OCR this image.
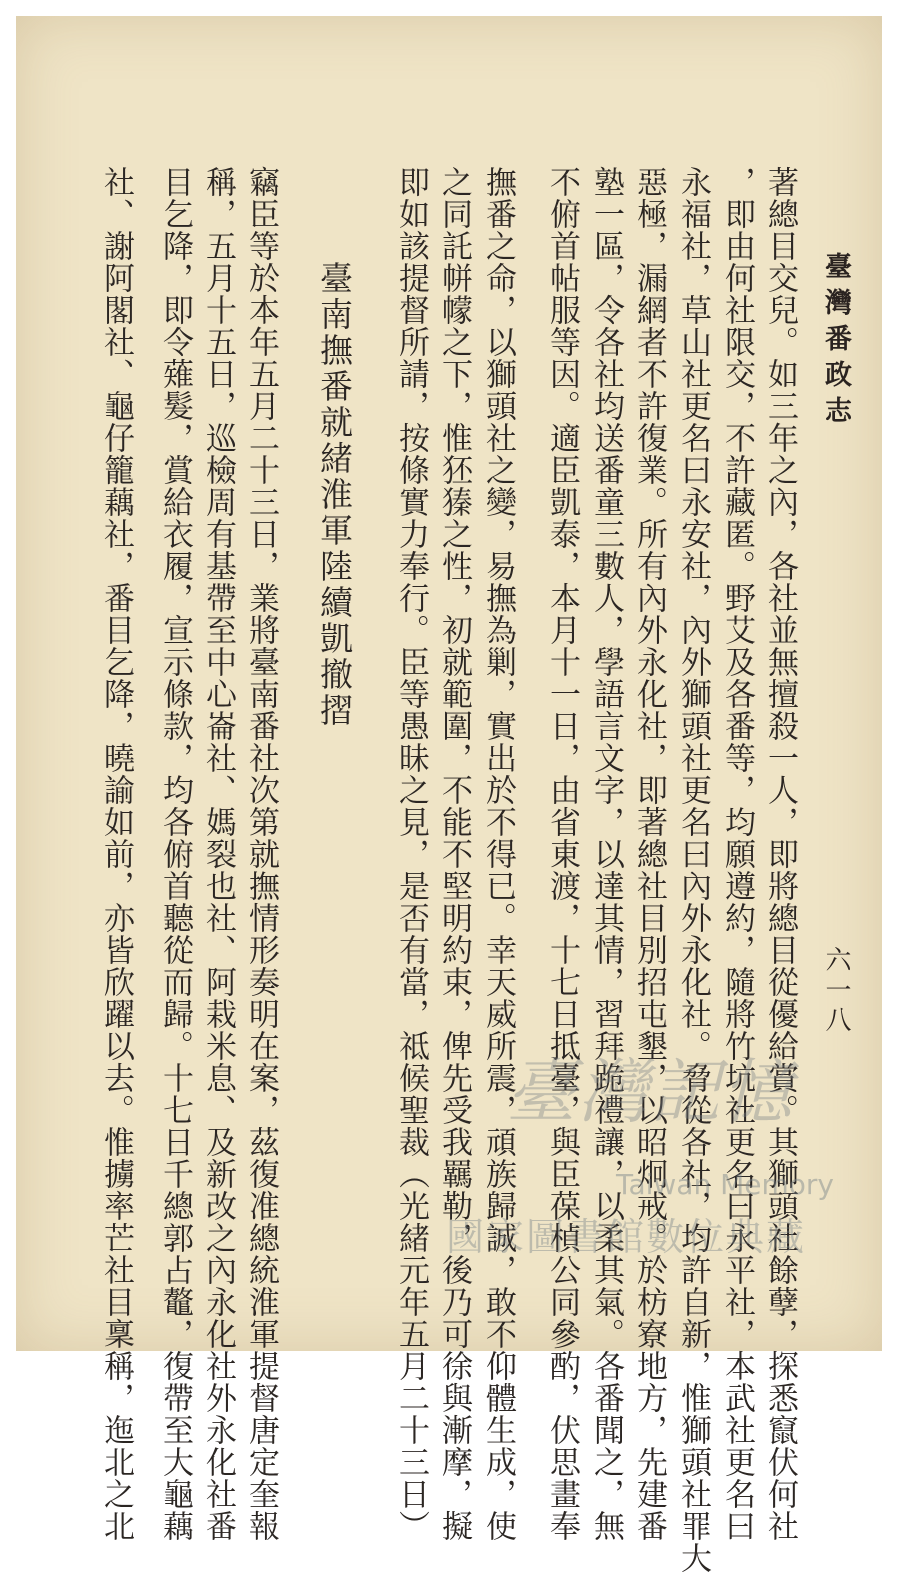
臺灣番政志
六一八
著總目交兒。如三年之內，各社並無擅殺一人，即將總目從優給賞。其獅頭社餘孽，探悉竄伏何社
，即由何社限交，不許藏匿。野艾及各番等，均願遵約，隨將竹坑社更名曰永平社，本武社更名曰
永福社，草山社更名曰永安社，內外獅頭社更名曰內外永化社。脅從各社，均許自新，惟獅頭社罪大
惡極，漏網者不許復業。所有內外永化社，即著總社目別招屯墾，以昭炯戒。於枋寮地方，先建番
塾一區，令各社均送番童三數人，學語言文字，以達其情，習拜跪禮讓，以柔其氣。各番聞之，無
不俯首帖服等因。適臣凱泰，本月十一日，由省東渡，十七日抵臺，與臣葆楨公同參酌，伏思畫奉
撫番之命，以獅頭社之變，易撫為剿，實出於不得已。幸天威所震，頑族歸誠，敢不仰體生成，使
之同託帡幪之下，惟狉獉之性，初就範圍，不能不堅明約束，俾先受我羈勒，後乃可徐與漸摩，擬
即如該提督所請，按條實力奉行。臣等愚昧之見，是否有當，祗候聖裁（光緒元年五月二十三日）
臺南撫番就緒淮軍陸續凱撤摺
竊臣等於本年五月二十三日，業將臺南番社次第就撫情形奏明在案，茲復准總統淮軍提督唐定奎報
稱，五月十五日，巡檢周有基帶至中心崙社、媽裂也社、阿栽米息、及新改之內永化社外永化社番
目乞降，即令薙髮，賞給衣履，宣示條款，均各俯首聽從而歸。十七日千總郭占鼇，復帶至大龜藕
社、謝阿閣社、龜仔籠藕社，番目乞降，曉諭如前，亦皆欣躍以去。惟擄率芒社目稟稱，迤北之北	臺灣記憶
Taiwan Memory
國家圖書館數位典藏
